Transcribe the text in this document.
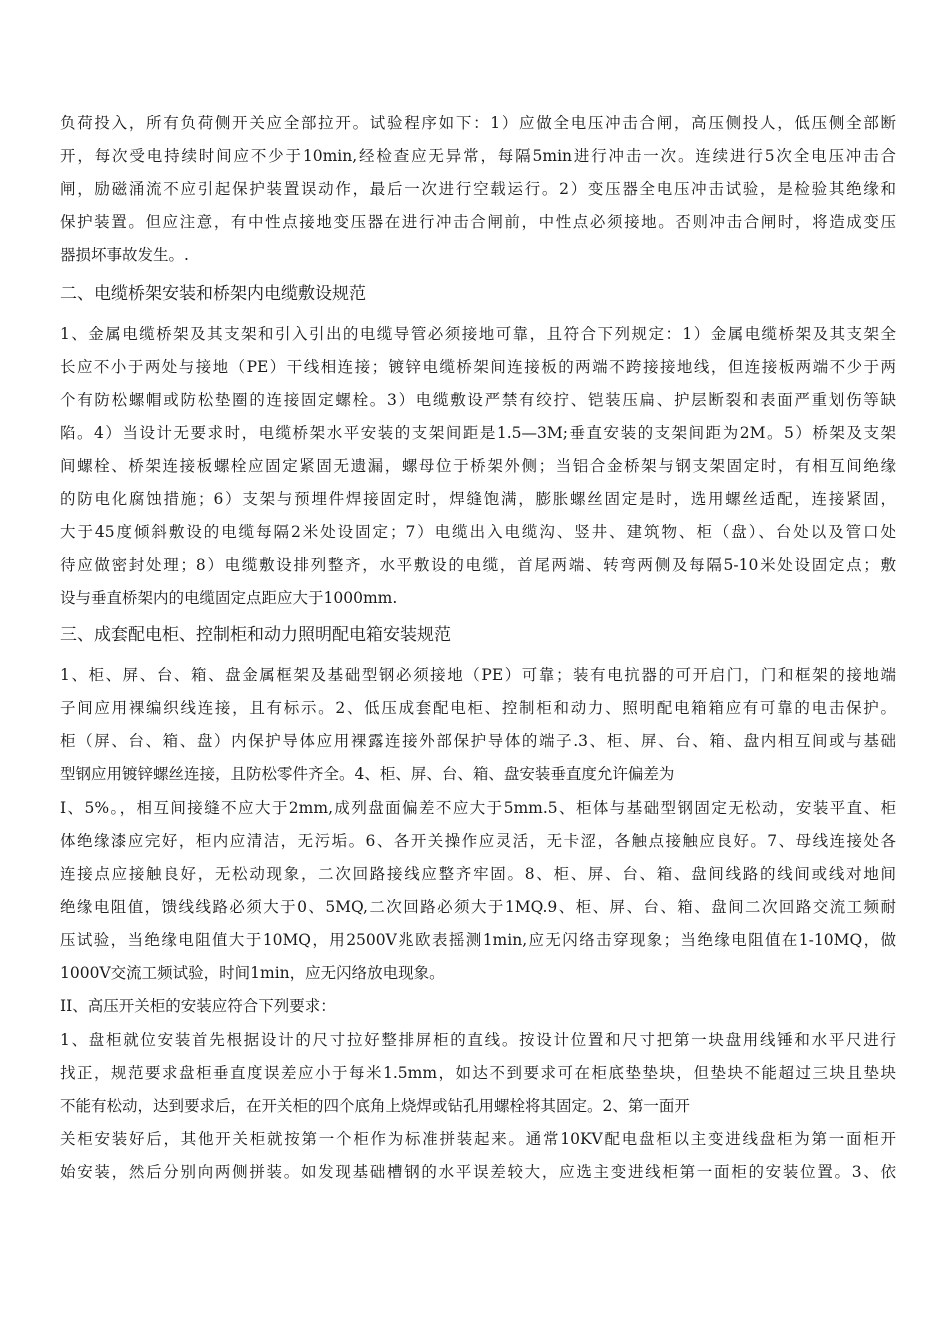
负荷投入，所有负荷侧开关应全部拉开。试验程序如下：1）应做全电压冲击合闸，高压侧投人，低压侧全部断
开，每次受电持续时间应不少于10min,经检查应无异常，每隔5min进行冲击一次。连续进行5次全电压冲击合
闸，励磁涌流不应引起保护装置误动作，最后一次进行空载运行。2）变压器全电压冲击试验，是检验其绝缘和
保护装置。但应注意，有中性点接地变压器在进行冲击合闸前，中性点必须接地。否则冲击合闸时，将造成变压
器损坏事故发生。.
二、电缆桥架安装和桥架内电缆敷设规范
1、金属电缆桥架及其支架和引入引出的电缆导管必须接地可靠，且符合下列规定：1）金属电缆桥架及其支架全
长应不小于两处与接地（PE）干线相连接；镀锌电缆桥架间连接板的两端不跨接接地线，但连接板两端不少于两
个有防松螺帽或防松垫圈的连接固定螺栓。3）电缆敷设严禁有绞拧、铠装压扁、护层断裂和表面严重划伤等缺
陷。4）当设计无要求时，电缆桥架水平安装的支架间距是1.5—3M;垂直安装的支架间距为2M。5）桥架及支架
间螺栓、桥架连接板螺栓应固定紧固无遗漏，螺母位于桥架外侧；当铝合金桥架与钢支架固定时，有相互间绝缘
的防电化腐蚀措施；6）支架与预埋件焊接固定时，焊缝饱满，膨胀螺丝固定是时，选用螺丝适配，连接紧固，
大于45度倾斜敷设的电缆每隔2米处设固定；7）电缆出入电缆沟、竖井、建筑物、柜（盘）、台处以及管口处
待应做密封处理；8）电缆敷设排列整齐，水平敷设的电缆，首尾两端、转弯两侧及每隔5-10米处设固定点；敷
设与垂直桥架内的电缆固定点距应大于1000mm.
三、成套配电柜、控制柜和动力照明配电箱安装规范
1、柜、屏、台、箱、盘金属框架及基础型钢必须接地（PE）可靠；装有电抗器的可开启门，门和框架的接地端
子间应用裸编织线连接，且有标示。2、低压成套配电柜、控制柜和动力、照明配电箱箱应有可靠的电击保护。
柜（屏、台、箱、盘）内保护导体应用裸露连接外部保护导体的端子.3、柜、屏、台、箱、盘内相互间或与基础
型钢应用镀锌螺丝连接，且防松零件齐全。4、柜、屏、台、箱、盘安装垂直度允许偏差为
I、5%。，相互间接缝不应大于2mm,成列盘面偏差不应大于5mm.5、柜体与基础型钢固定无松动，安装平直、柜
体绝缘漆应完好，柜内应清洁，无污垢。6、各开关操作应灵活，无卡涩，各触点接触应良好。7、母线连接处各
连接点应接触良好，无松动现象，二次回路接线应整齐牢固。8、柜、屏、台、箱、盘间线路的线间或线对地间
绝缘电阻值，馈线线路必须大于0、5MQ,二次回路必须大于1MQ.9、柜、屏、台、箱、盘间二次回路交流工频耐
压试验，当绝缘电阻值大于10MQ，用2500V兆欧表摇测1min,应无闪络击穿现象；当绝缘电阻值在1-10MQ，做
1000V交流工频试验，时间1min，应无闪络放电现象。
II、高压开关柜的安装应符合下列要求：
1、盘柜就位安装首先根据设计的尺寸拉好整排屏柜的直线。按设计位置和尺寸把第一块盘用线锤和水平尺进行
找正，规范要求盘柜垂直度误差应小于每米1.5mm，如达不到要求可在柜底垫垫块，但垫块不能超过三块且垫块
不能有松动，达到要求后，在开关柜的四个底角上烧焊或钻孔用螺栓将其固定。2、第一面开
关柜安装好后，其他开关柜就按第一个柜作为标准拼装起来。通常10KV配电盘柜以主变进线盘柜为第一面柜开
始安装，然后分别向两侧拼装。如发现基础槽钢的水平误差较大，应选主变进线柜第一面柜的安装位置。3、依
